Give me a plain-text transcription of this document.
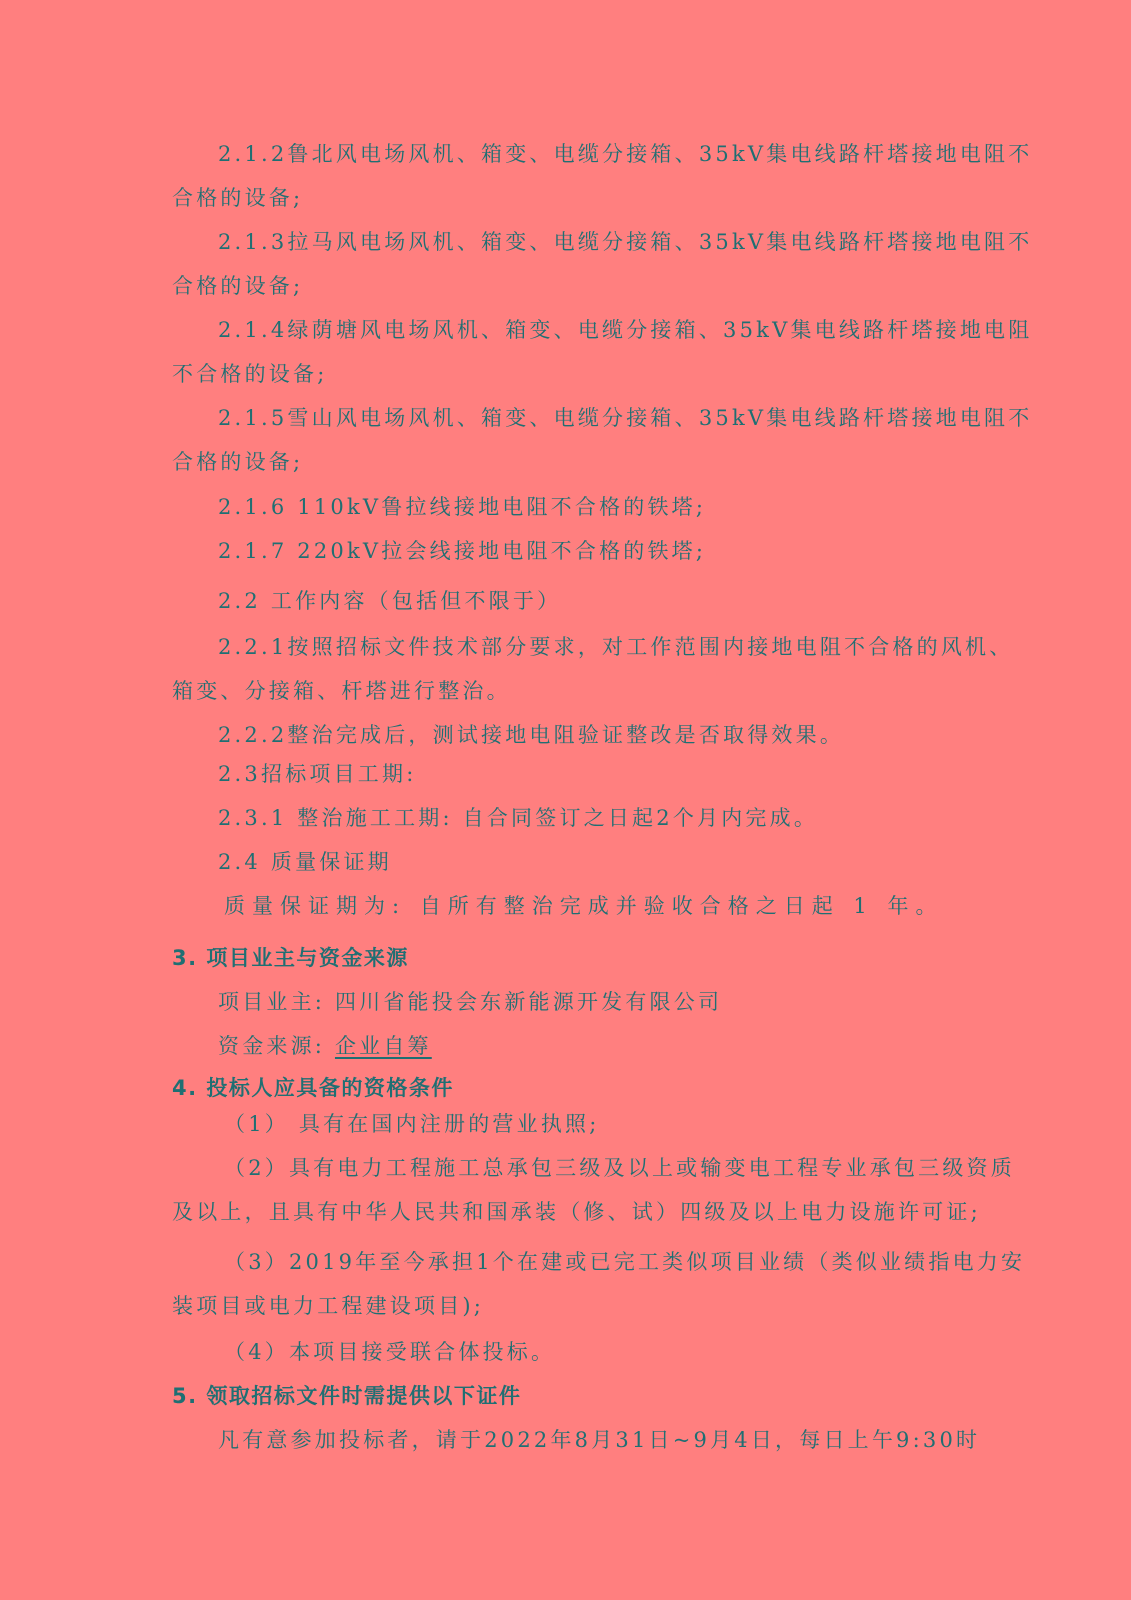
2.1.2鲁北风电场风机、箱变、电缆分接箱、35kV集电线路杆塔接地电阻不
合格的设备;
2.1.3拉马风电场风机、箱变、电缆分接箱、35kV集电线路杆塔接地电阻不
合格的设备;
2.1.4绿荫塘风电场风机、箱变、电缆分接箱、35kV集电线路杆塔接地电阻
不合格的设备;
2.1.5雪山风电场风机、箱变、电缆分接箱、35kV集电线路杆塔接地电阻不
合格的设备;
2.1.6 110kV鲁拉线接地电阻不合格的铁塔;
2.1.7 220kV拉会线接地电阻不合格的铁塔;
2.2 工作内容（包括但不限于）
2.2.1按照招标文件技术部分要求，对工作范围内接地电阻不合格的风机、
箱变、分接箱、杆塔进行整治。
2.2.2整治完成后，测试接地电阻验证整改是否取得效果。
2.3招标项目工期:
2.3.1 整治施工工期: 自合同签订之日起2个月内完成。
2.4 质量保证期
质量保证期为: 自所有整治完成并验收合格之日起 1 年。
3. 项目业主与资金来源
项目业主: 四川省能投会东新能源开发有限公司
资金来源: 企业自筹
4. 投标人应具备的资格条件
（1） 具有在国内注册的营业执照;
（2）具有电力工程施工总承包三级及以上或输变电工程专业承包三级资质
及以上，且具有中华人民共和国承装（修、试）四级及以上电力设施许可证;
（3）2019年至今承担1个在建或已完工类似项目业绩（类似业绩指电力安
装项目或电力工程建设项目);
（4）本项目接受联合体投标。
5. 领取招标文件时需提供以下证件
凡有意参加投标者，请于2022年8月31日~9月4日，每日上午9:30时
